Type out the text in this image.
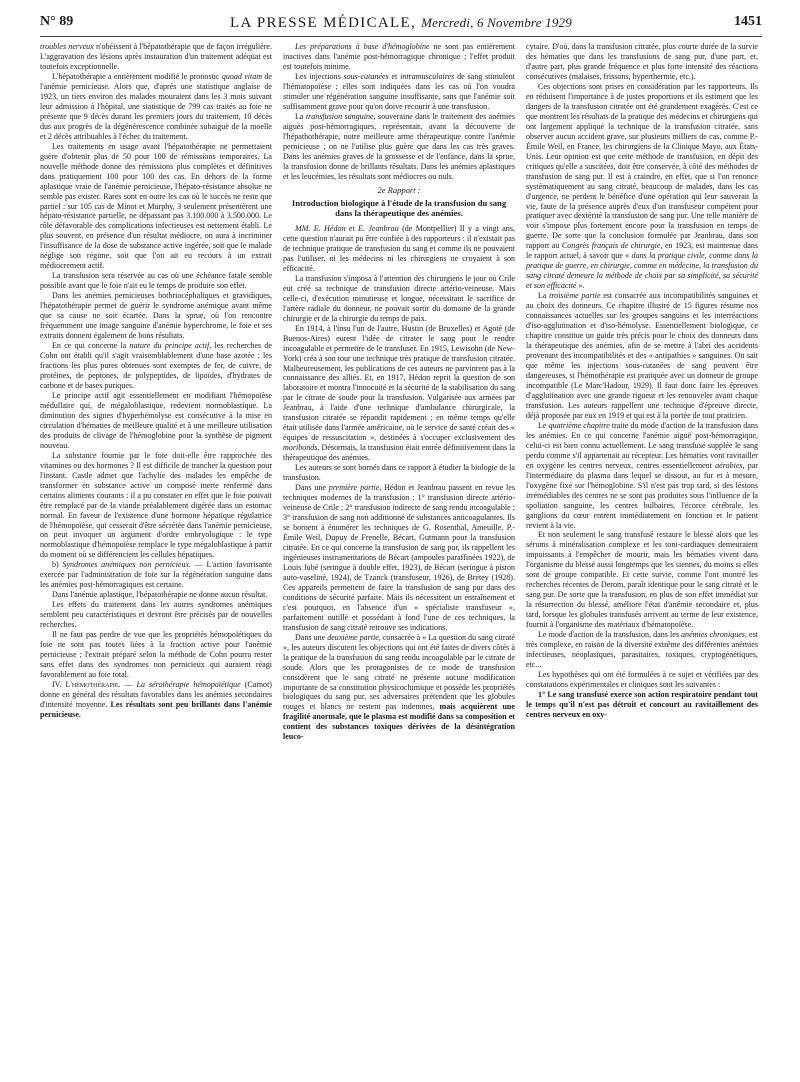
N° 89	LA PRESSE MÉDICALE, Mercredi, 6 Novembre 1929	1451

troubles nerveux n'obéissent à l'hépatothérapie que de façon irrégulière. L'aggravation des lésions après instauration d'un traitement adéquat est toutefois exceptionnelle.

L'hépatothérapie a entièrement modifié le pronostic quoad vitam de l'anémie pernicieuse. Alors que, d'après une statistique anglaise de 1923, un tiers environ des malades mouraient dans les 3 mois suivant leur admission à l'hôpital, une statistique de 799 cas traités au foie ne présente que 9 décès durant les premiers jours du traitement, 10 décès dus aux progrès de la dégénérescence combinée subaiguë de la moelle et 2 décès attribuables à l'échec du traitement.

Les traitements en usage avant l'hépatothérapie ne permettaient guère d'obtenir plus de 50 pour 100 de rémissions temporaires. La nouvelle méthode donne des rémissions plus complètes et définitives dans pratiquement 100 pour 100 des cas. En dehors de la forme aplastique vraie de l'anémie pernicieuse, l'hépato-résistance absolue ne semble pas exister. Rares sont en outre les cas où le succès ne reste que partiel : sur 105 cas de Minot et Murphy, 3 seulement présentèrent une hépato-résistance partielle, ne dépassant pas 3.100.000 à 3.500.000. Le rôle défavorable des complications infectieuses est nettement établi. Le plus souvent, en présence d'un résultat médiocre, on aura à incriminer l'insuffisance de la dose de substance active ingérée, soit que le malade néglige son régime, soit que l'on ait eu recours à un extrait médiocrement actif.

La transfusion sera réservée au cas où une échéance fatale semble possible avant que le foie n'ait eu le temps de produire son effet.

Dans les anémies pernicieuses bothriocéphaliques et gravidiques, l'hépatothérapie permet de guérir le syndrome anémique avant même que sa cause ne soit écartée. Dans la sprue, où l'on rencontre fréquemment une image sanguine d'anémie hyperchrome, le foie et ses extraits donnent également de bons résultats.

En ce qui concerne la nature du principe actif, les recherches de Cohn ont établi qu'il s'agit vraisemblablement d'une base azotée ; les fractions les plus pures obtenues sont exemptes de fer, de cuivre, de protéines, de peptones, de polypeptides, de lipoïdes, d'hydrates de carbone et de bases puriques.

Le principe actif agit essentiellement en modifiant l'hémopoïèse médullaire qui, de mégaloblastique, redevient normoblastique. La diminution des signes d'hyperhémolyse est consécutive à la mise en circulation d'hématies de meilleure qualité et à une meilleure utilisation des produits de clivage de l'hémoglobine pour la synthèse de pigment nouveau.

La substance fournie par le foie doit-elle être rapprochée des vitamines ou des hormones ? Il est difficile de trancher la question pour l'instant. Castle admet que l'achylie des malades les empêche de transformer en substance active un composé inerte renfermé dans certains aliments courants : il a pu constater en effet que le foie pouvait être remplacé par de la viande préalablement digérée dans un estomac normal. En faveur de l'existence d'une hormone hépatique régulatrice de l'hémopoïèse, qui cesserait d'être sécrétée dans l'anémie pernicieuse, on peut invoquer un argument d'ordre embryologique : le type normoblastique d'hémopoïèse remplace le type mégaloblastique à partir du moment où se différencient les cellules hépatiques.

b) Syndromes anémiques non pernicieux. — L'action favorisante exercée par l'administration de foie sur la régénération sanguine dans les anémies post-hémorragiques est certaine.

Dans l'anémie aplastique, l'hépatothérapie ne donne aucun résultat.

Les effets du traitement dans les autres syndromes anémiques semblent peu caractéristiques et devront être précisés par de nouvelles recherches.

Il ne faut pas perdre de vue que les propriétés hémopoïétiques du foie ne sont pas toutes liées à la fraction active pour l'anémie pernicieuse ; l'extrait préparé selon la méthode de Cohn pourra rester sans effet dans des syndromes non pernicieux qui auraient réagi favorablement au foie total.

IV. L'hémothérapie. — La sérothérapie hémopoïétique (Carnot) donne en général des résultats favorables dans les anémies secondaires d'intensité moyenne. Les résultats sont peu brillants dans l'anémie pernicieuse.

Les préparations à base d'hémoglobine ne sont pas entièrement inactives dans l'anémie post-hémorragique chronique ; l'effet produit est toutefois minime.

Les injections sous-cutanées et intramusculaires de sang stimulent l'hématopoïèse ; elles sont indiquées dans les cas où l'on voudra stimuler une régénération sanguine insuffisante, sans que l'anémie soit suffisamment grave pour qu'on doive recourir à une transfusion.

La transfusion sanguine, souveraine dans le traitement des anémies aiguës post-hémorragiques, représentait, avant la découverte de l'hépathothérapie, notre meilleure arme thérapeutique contre l'anémie pernicieuse ; on ne l'utilise plus guère que dans les cas très graves. Dans les anémies graves de la grossesse et de l'enfance, dans la sprue, la transfusion donne de brillants résultats. Dans les anémies aplastiques et les leucémies, les résultats sont médiocres ou nuls.

2e Rapport :

Introduction biologique à l'étude de la transfusion du sang dans la thérapeutique des anémies.

MM. E. Hédon et E. Jeanbrau (de Montpellier) Il y a vingt ans, cette question n'aurait pu être confiée à des rapporteurs : il n'existait pas de technique pratique de transfusion du sang et comme ils ne pouvaient pas l'utiliser, ni les médecins ni les chirurgiens ne croyaient à son efficacité.

La transfusion s'imposa à l'attention des chirurgiens le jour où Crile eut créé sa technique de transfusion directe artério-veineuse. Mais celle-ci, d'exécution minutieuse et longue, nécessitant le sacrifice de l'artère radiale du donneur, ne pouvait sortir du domaine de la grande chirurgie et de la chirurgie du temps de paix.

En 1914, à l'insu l'un de l'autre, Hustin (de Bruxelles) et Agoté (de Buenos-Aires) eurent l'idée de citrater le sang pour le rendre incoagulable et permettre de le transfuser. En 1915, Lewisohn (de New-York) créa à son tour une technique très pratique de transfusion citratée. Malheureusement, les publications de ces auteurs ne parvinrent pas à la connaissance des alliés. Et, en 1917, Hédon reprit la question de son laboratoire et montra l'innocuité et la sécurité de la stabilisation du sang par le citrate de soude pour la transfusion. Vulgarisée aux armées par Jeanbrau, à l'aide d'une technique d'ambulance chirurgicale, la transfusion citratée se répandit rapidement ; en même temps qu'elle était utilisée dans l'armée américaine, où le service de santé créait des « équipes de ressuscitation », destinées à s'occuper exclusivement des moribonds. Désormais, la transfusion était entrée définitivement dans la thérapeutique des anémies.

Les auteurs se sont bornés dans ce rapport à étudier la biologie de la transfusion.

Dans une première partie, Hédon et Jeanbrau passent en revue les techniques modernes de la transfusion : 1° transfusion directe artério-veineuse de Crile ; 2° transfusion indirecte de sang rendu incoagulable ; 3° transfusion de sang non additionné de substances anticoagulantes. Ils se bornent à énumérer les techniques de G. Rosenthal, Ameuille, P.-Émile Weil, Dupuy de Frenelle, Bécart, Gutmann pour la transfusion citratée. En ce qui concerne la transfusion de sang pur, ils rappellent les ingénieuses instrumentations de Bécart (ampoules paraffinées 1922), de Louis Jubé (seringue à double effet, 1923), de Bécart (seringue à piston auto-vaseliné, 1924), de Tzanck (transfuseur, 1926), de Bretey (1928). Ces appareils permettent de faire la transfusion de sang pur dans des conditions de sécurité parfaite. Mais ils nécessitent un entraînement et c'est pourquoi, en l'absence d'un « spécialiste transfuseur », parfaitement outillé et possédant à fond l'une de ces techniques, la transfusion de sang citraté retrouve ses indications.

Dans une deuxième partie, consacrée à « La question du sang citraté », les auteurs discutent les objections qui ont été faites de divers côtés à la pratique de la transfusion du sang rendu incoagulable par le citrate de soude. Alors que les protagonistes de ce mode de transfusion considèrent que le sang citraté ne présente aucune modification importante de sa constitution physicochimique et possède les propriétés biologiques du sang pur, ses adversaires prétendent que les globules rouges et blancs ne restent pas indemnes, mais acquièrent une fragilité anormale, que le plasma est modifié dans sa composition et contient des substances toxiques dérivées de la désintégration leuco-

cytaire. D'où, dans la transfusion citratée, plus courte durée de la survie des hématies que dans les transfusions de sang pur, d'une part, et, d'autre part, plus grande fréquence et plus forte intensité des réactions consécutives (malaises, frissons, hyperthermie, etc.).

Ces objections sont prises en considération par les rapporteurs. Ils en réduisent l'importance à de justes proportions et ils estiment que les dangers de la transfusion citratée ont été grandement exagérés. C'est ce que montrent les résultats de la pratique des médecins et chirurgiens qui ont largement appliqué la technique de la transfusion citratée, sans observer aucun accident grave, sur plusieurs milliers de cas, comme P.-Émile Weil, en France, les chirurgiens de la Clinique Mayo, aux États-Unis. Leur opinion est que cette méthode de transfusion, en dépit des critiques qu'elle a suscitées, doit être conservée, à côté des méthodes de transfusion de sang pur. Il est à craindre, en effet, que si l'on renonce systématiquement au sang citraté, beaucoup de malades, dans les cas d'urgence, ne perdent le bénéfice d'une opération qui leur sauverait la vie, faute de la présence auprès d'eux d'un transfuseur compétent pour pratiquer avec dextérité la transfusion de sang pur. Une telle manière de voir s'impose plus fortement encore pour la transfusion en temps de guerre. De sorte que la conclusion formulée par Jeanbrau, dans son rapport au Congrès français de chirurgie, en 1923, est maintenue dans le rapport actuel, à savoir que « dans la pratique civile, comme dans la pratique de guerre, en chirurgie, comme en médecine, la transfusion du sang citraté demeure la méthode de choix par sa simplicité, sa sécurité et son efficacité ».

La troisième partie est consacrée aux incompatibilités sanguines et au choix des donneurs. Ce chapitre illustré de 15 figures résume nos connaissances actuelles sur les groupes sanguins et les interréactions d'iso-agglutination et d'iso-hémolyse. Essentiellement biologique, ce chapitre constitue un guide très précis pour le choix des donneurs dans la thérapeutique des anémies, afin de se mettre à l'abri des accidents provenant des incompatibilités et des « antipathies » sanguines. On sait que même les injections sous-cutanées de sang peuvent être dangereuses, si l'hémothérapie est pratiquée avec un donneur de groupe incompatible (Le Marc'Hadour, 1929). Il faut donc faire les épreuves d'agglutination avec une grande rigueur et les renouveler avant chaque transfusion. Les auteurs rappellent une technique d'épreuve directe, déjà proposée par eux en 1919 et qui est à la portée de tout praticien.

Le quatrième chapitre traite du mode d'action de la transfusion dans les anémies. En ce qui concerne l'anémie aiguë post-hémorragique, celui-ci est bien connu actuellement. Le sang transfusé supplée le sang perdu comme s'il appartenait au récepteur. Les hématies vont ravitailler en oxygène les centres nerveux, centres essentiellement aérobies, par l'intermédiaire du plasma dans lequel se dissout, au fur et à mesure, l'oxygène fixé sur l'hémoglobine. S'il n'est pas trop tard, si des lésions irrémédiables des centres ne se sont pas produites sous l'influence de la spoliation sanguine, les centres bulbaires, l'écorce cérébrale, les ganglions du cœur entrent immédiatement en fonction et le patient revient à la vie.

Et non seulement le sang transfusé restaure le blessé alors que les sérums à minéralisation complexe et les toni-cardiaques demeuraient impuissants à l'empêcher de mourir, mais les hématies vivent dans l'organisme du blessé aussi longtemps que les siennes, du moins si elles sont de groupe compatible. Et cette survie, comme l'ont montré les recherches récentes de Derom, paraît identique pour le sang citraté et le sang pur. De sorte que la transfusion, en plus de son effet immédiat sur la résurrection du blessé, améliore l'état d'anémie secondaire et, plus tard, lorsque les globules transfusés arrivent au terme de leur existence, fournit à l'organisme des matériaux d'hématopoïèse.

Le mode d'action de la transfusion, dans les anémies chroniques, est très complexe, en raison de la diversité extrême des différentes anémies infectieuses, néoplasiques, parasitaires, toxiques, cryptogénétiques, etc...

Les hypothèses qui ont été formulées à ce sujet et vérifiées par des constatations expérimentales et cliniques sont les suivantes :

1° Le sang transfusé exerce son action respiratoire pendant tout le temps qu'il n'est pas détruit et concourt au ravitaillement des centres nerveux en oxy-
